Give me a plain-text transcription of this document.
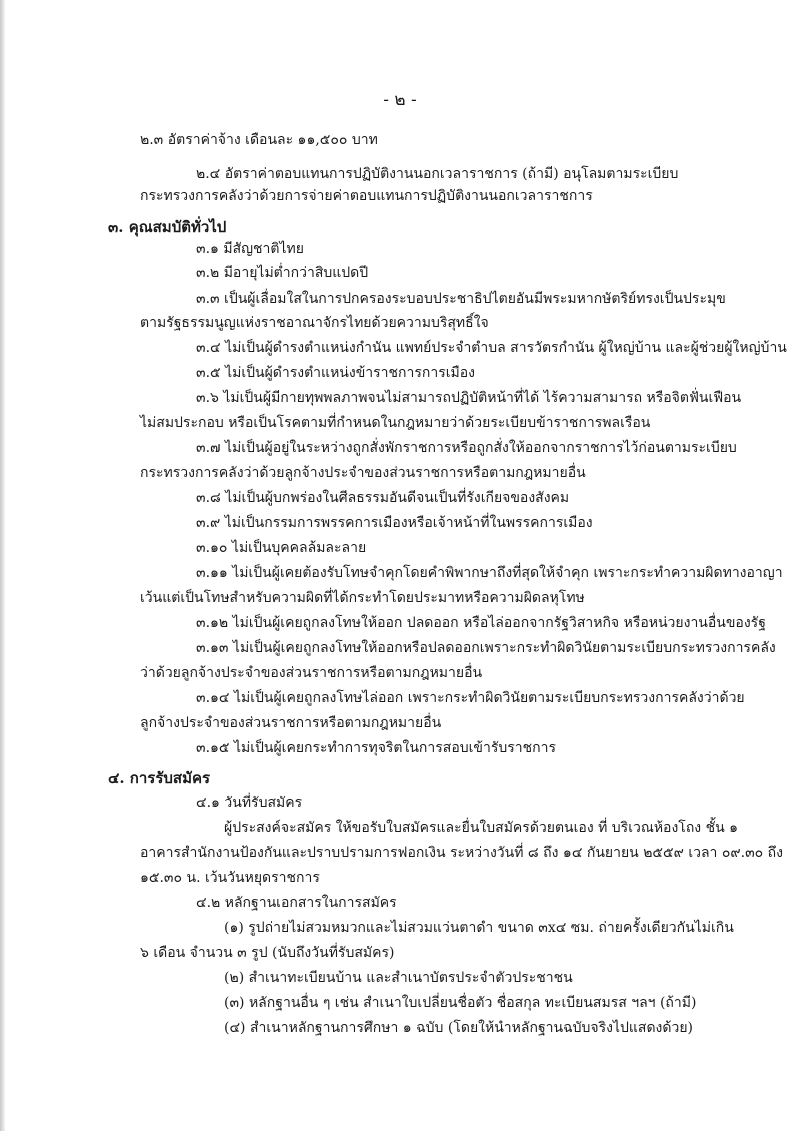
- ๒ -
๒.๓ อัตราค่าจ้าง เดือนละ ๑๑,๕๐๐ บาท
๒.๔ อัตราค่าตอบแทนการปฏิบัติงานนอกเวลาราชการ (ถ้ามี) อนุโลมตามระเบียบ
กระทรวงการคลังว่าด้วยการจ่ายค่าตอบแทนการปฏิบัติงานนอกเวลาราชการ
๓. คุณสมบัติทั่วไป
๓.๑ มีสัญชาติไทย
๓.๒ มีอายุไม่ต่ำกว่าสิบแปดปี
๓.๓ เป็นผู้เลื่อมใสในการปกครองระบอบประชาธิปไตยอันมีพระมหากษัตริย์ทรงเป็นประมุข
ตามรัฐธรรมนูญแห่งราชอาณาจักรไทยด้วยความบริสุทธิ์ใจ
๓.๔ ไม่เป็นผู้ดำรงตำแหน่งกำนัน แพทย์ประจำตำบล สารวัตรกำนัน ผู้ใหญ่บ้าน และผู้ช่วยผู้ใหญ่บ้าน
๓.๕ ไม่เป็นผู้ดำรงตำแหน่งข้าราชการการเมือง
๓.๖ ไม่เป็นผู้มีกายทุพพลภาพจนไม่สามารถปฏิบัติหน้าที่ได้ ไร้ความสามารถ หรือจิตฟั่นเฟือน
ไม่สมประกอบ หรือเป็นโรคตามที่กำหนดในกฎหมายว่าด้วยระเบียบข้าราชการพลเรือน
๓.๗ ไม่เป็นผู้อยู่ในระหว่างถูกสั่งพักราชการหรือถูกสั่งให้ออกจากราชการไว้ก่อนตามระเบียบ
กระทรวงการคลังว่าด้วยลูกจ้างประจำของส่วนราชการหรือตามกฎหมายอื่น
๓.๘ ไม่เป็นผู้บกพร่องในศีลธรรมอันดีจนเป็นที่รังเกียจของสังคม
๓.๙ ไม่เป็นกรรมการพรรคการเมืองหรือเจ้าหน้าที่ในพรรคการเมือง
๓.๑๐ ไม่เป็นบุคคลล้มละลาย
๓.๑๑ ไม่เป็นผู้เคยต้องรับโทษจำคุกโดยคำพิพากษาถึงที่สุดให้จำคุก เพราะกระทำความผิดทางอาญา
เว้นแต่เป็นโทษสำหรับความผิดที่ได้กระทำโดยประมาทหรือความผิดลหุโทษ
๓.๑๒ ไม่เป็นผู้เคยถูกลงโทษให้ออก ปลดออก หรือไล่ออกจากรัฐวิสาหกิจ หรือหน่วยงานอื่นของรัฐ
๓.๑๓ ไม่เป็นผู้เคยถูกลงโทษให้ออกหรือปลดออกเพราะกระทำผิดวินัยตามระเบียบกระทรวงการคลัง
ว่าด้วยลูกจ้างประจำของส่วนราชการหรือตามกฎหมายอื่น
๓.๑๔ ไม่เป็นผู้เคยถูกลงโทษไล่ออก เพราะกระทำผิดวินัยตามระเบียบกระทรวงการคลังว่าด้วย
ลูกจ้างประจำของส่วนราชการหรือตามกฎหมายอื่น
๓.๑๕ ไม่เป็นผู้เคยกระทำการทุจริตในการสอบเข้ารับราชการ
๔. การรับสมัคร
๔.๑ วันที่รับสมัคร
ผู้ประสงค์จะสมัคร ให้ขอรับใบสมัครและยื่นใบสมัครด้วยตนเอง ที่ บริเวณห้องโถง ชั้น ๑
อาคารสำนักงานป้องกันและปราบปรามการฟอกเงิน ระหว่างวันที่ ๘ ถึง ๑๔ กันยายน ๒๕๕๙ เวลา ๐๙.๓๐ ถึง
๑๕.๓๐ น. เว้นวันหยุดราชการ
๔.๒ หลักฐานเอกสารในการสมัคร
(๑) รูปถ่ายไม่สวมหมวกและไม่สวมแว่นตาดำ ขนาด ๓x๔ ซม. ถ่ายครั้งเดียวกันไม่เกิน
๖ เดือน จำนวน ๓ รูป (นับถึงวันที่รับสมัคร)
(๒) สำเนาทะเบียนบ้าน และสำเนาบัตรประจำตัวประชาชน
(๓) หลักฐานอื่น ๆ เช่น สำเนาใบเปลี่ยนชื่อตัว ชื่อสกุล ทะเบียนสมรส ฯลฯ (ถ้ามี)
(๔) สำเนาหลักฐานการศึกษา ๑ ฉบับ (โดยให้นำหลักฐานฉบับจริงไปแสดงด้วย)
